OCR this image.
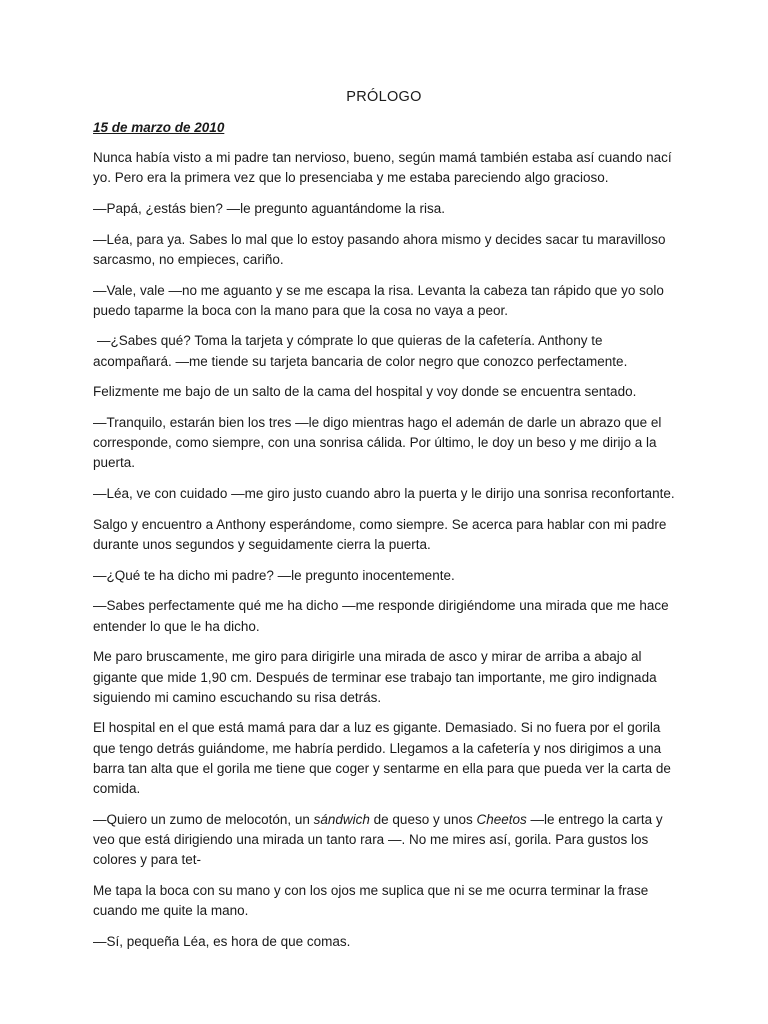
PRÓLOGO
15 de marzo de 2010

Nunca había visto a mi padre tan nervioso, bueno, según mamá también estaba así cuando nací yo. Pero era la primera vez que lo presenciaba y me estaba pareciendo algo gracioso.

—Papá, ¿estás bien? —le pregunto aguantándome la risa.

—Léa, para ya. Sabes lo mal que lo estoy pasando ahora mismo y decides sacar tu maravilloso sarcasmo, no empieces, cariño.

—Vale, vale —no me aguanto y se me escapa la risa. Levanta la cabeza tan rápido que yo solo puedo taparme la boca con la mano para que la cosa no vaya a peor.

—¿Sabes qué? Toma la tarjeta y cómprate lo que quieras de la cafetería. Anthony te acompañará. —me tiende su tarjeta bancaria de color negro que conozco perfectamente.

Felizmente me bajo de un salto de la cama del hospital y voy donde se encuentra sentado.

—Tranquilo, estarán bien los tres —le digo mientras hago el ademán de darle un abrazo que el corresponde, como siempre, con una sonrisa cálida. Por último, le doy un beso y me dirijo a la puerta.

—Léa, ve con cuidado —me giro justo cuando abro la puerta y le dirijo una sonrisa reconfortante.

Salgo y encuentro a Anthony esperándome, como siempre. Se acerca para hablar con mi padre durante unos segundos y seguidamente cierra la puerta.

—¿Qué te ha dicho mi padre? —le pregunto inocentemente.

—Sabes perfectamente qué me ha dicho —me responde dirigiéndome una mirada que me hace entender lo que le ha dicho.

Me paro bruscamente, me giro para dirigirle una mirada de asco y mirar de arriba a abajo al gigante que mide 1,90 cm. Después de terminar ese trabajo tan importante, me giro indignada siguiendo mi camino escuchando su risa detrás.

El hospital en el que está mamá para dar a luz es gigante. Demasiado. Si no fuera por el gorila que tengo detrás guiándome, me habría perdido. Llegamos a la cafetería y nos dirigimos a una barra tan alta que el gorila me tiene que coger y sentarme en ella para que pueda ver la carta de comida.

—Quiero un zumo de melocotón, un sándwich de queso y unos Cheetos —le entrego la carta y veo que está dirigiendo una mirada un tanto rara —. No me mires así, gorila. Para gustos los colores y para tet-

Me tapa la boca con su mano y con los ojos me suplica que ni se me ocurra terminar la frase cuando me quite la mano.

—Sí, pequeña Léa, es hora de que comas.
